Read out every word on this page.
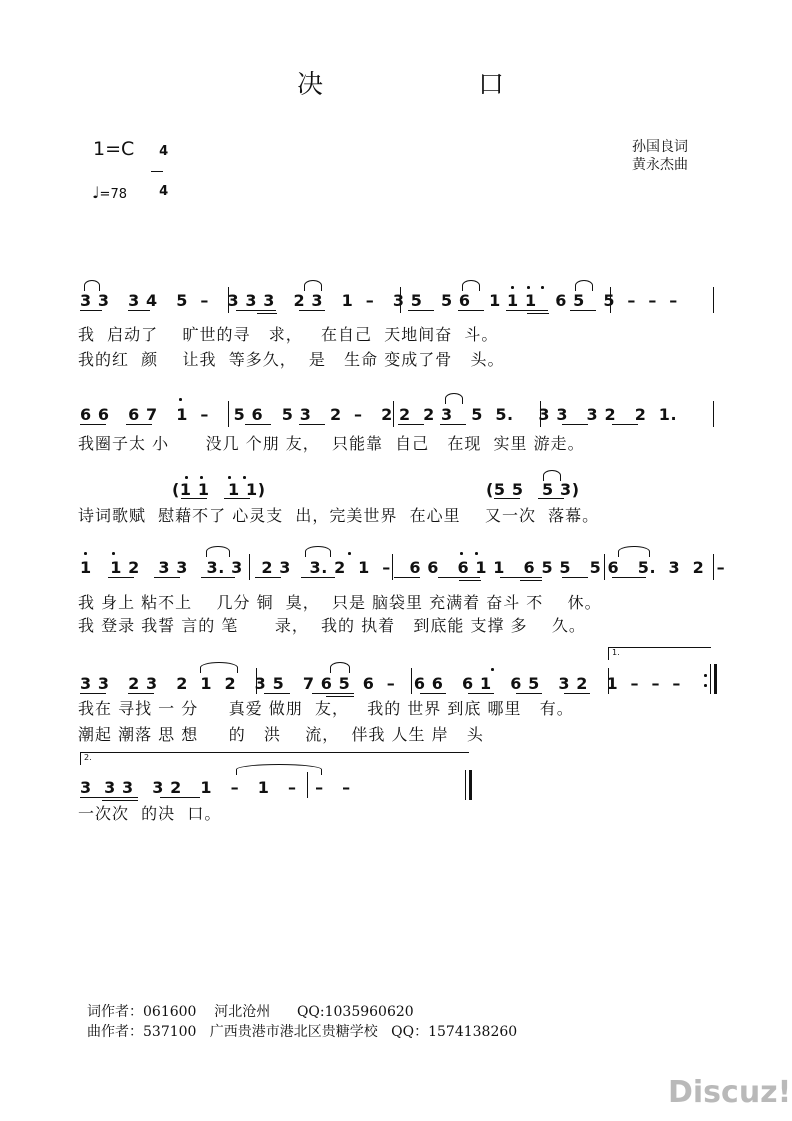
决	口
1=C	4

4

♩=78
孙国良词
黄永杰曲
3 3   3 4   5  –   3 3 3   2 3   1  –   3 5   5 6   1 1 1   6 5   5  –  –  –
我  启动了    旷世的寻   求，   在自己  天地间奋  斗。
我的红  颜    让我  等多久，  是   生命 变成了骨   头。
6 6   6 7   1  –    5 6   5 3   2  –   2 2  2 3   5  5.    3 3   3 2   2  1.
我圈子太 小      没几 个朋 友，  只能靠  自己   在现  实里 游走。
(1 1   1 1)	(5 5   5 3)
诗词歌赋  慰藉不了 心灵支  出，完美世界  在心里    又一次  落幕。
1   1 2   3 3   3. 3   2 3   3. 2  1  –   6 6   6 1 1   6 5 5   5 6   5.  3  2  –
我 身上 粘不上    几分 铜  臭，  只是 脑袋里 充满着 奋斗 不    休。
我 登录 我誓 言的 笔      录，  我的 执着   到底能 支撑 多    久。
1.
3 3   2 3   2  1  2   3 5   7 6 5  6  –   6 6   6 1   6 5   3 2   1  –  –  –
我在 寻找 一 分     真爱 做朋  友，   我的 世界 到底 哪里   有。
潮起 潮落 思 想     的   洪    流，  伴我 人生 岸   头
2.
3  3 3   3 2   1   –   1   –   –   –
一次次  的决  口。
词作者：061600    河北沧州      QQ:1035960620
曲作者：537100   广西贵港市港北区贵糖学校   QQ：1574138260
Discuz!
